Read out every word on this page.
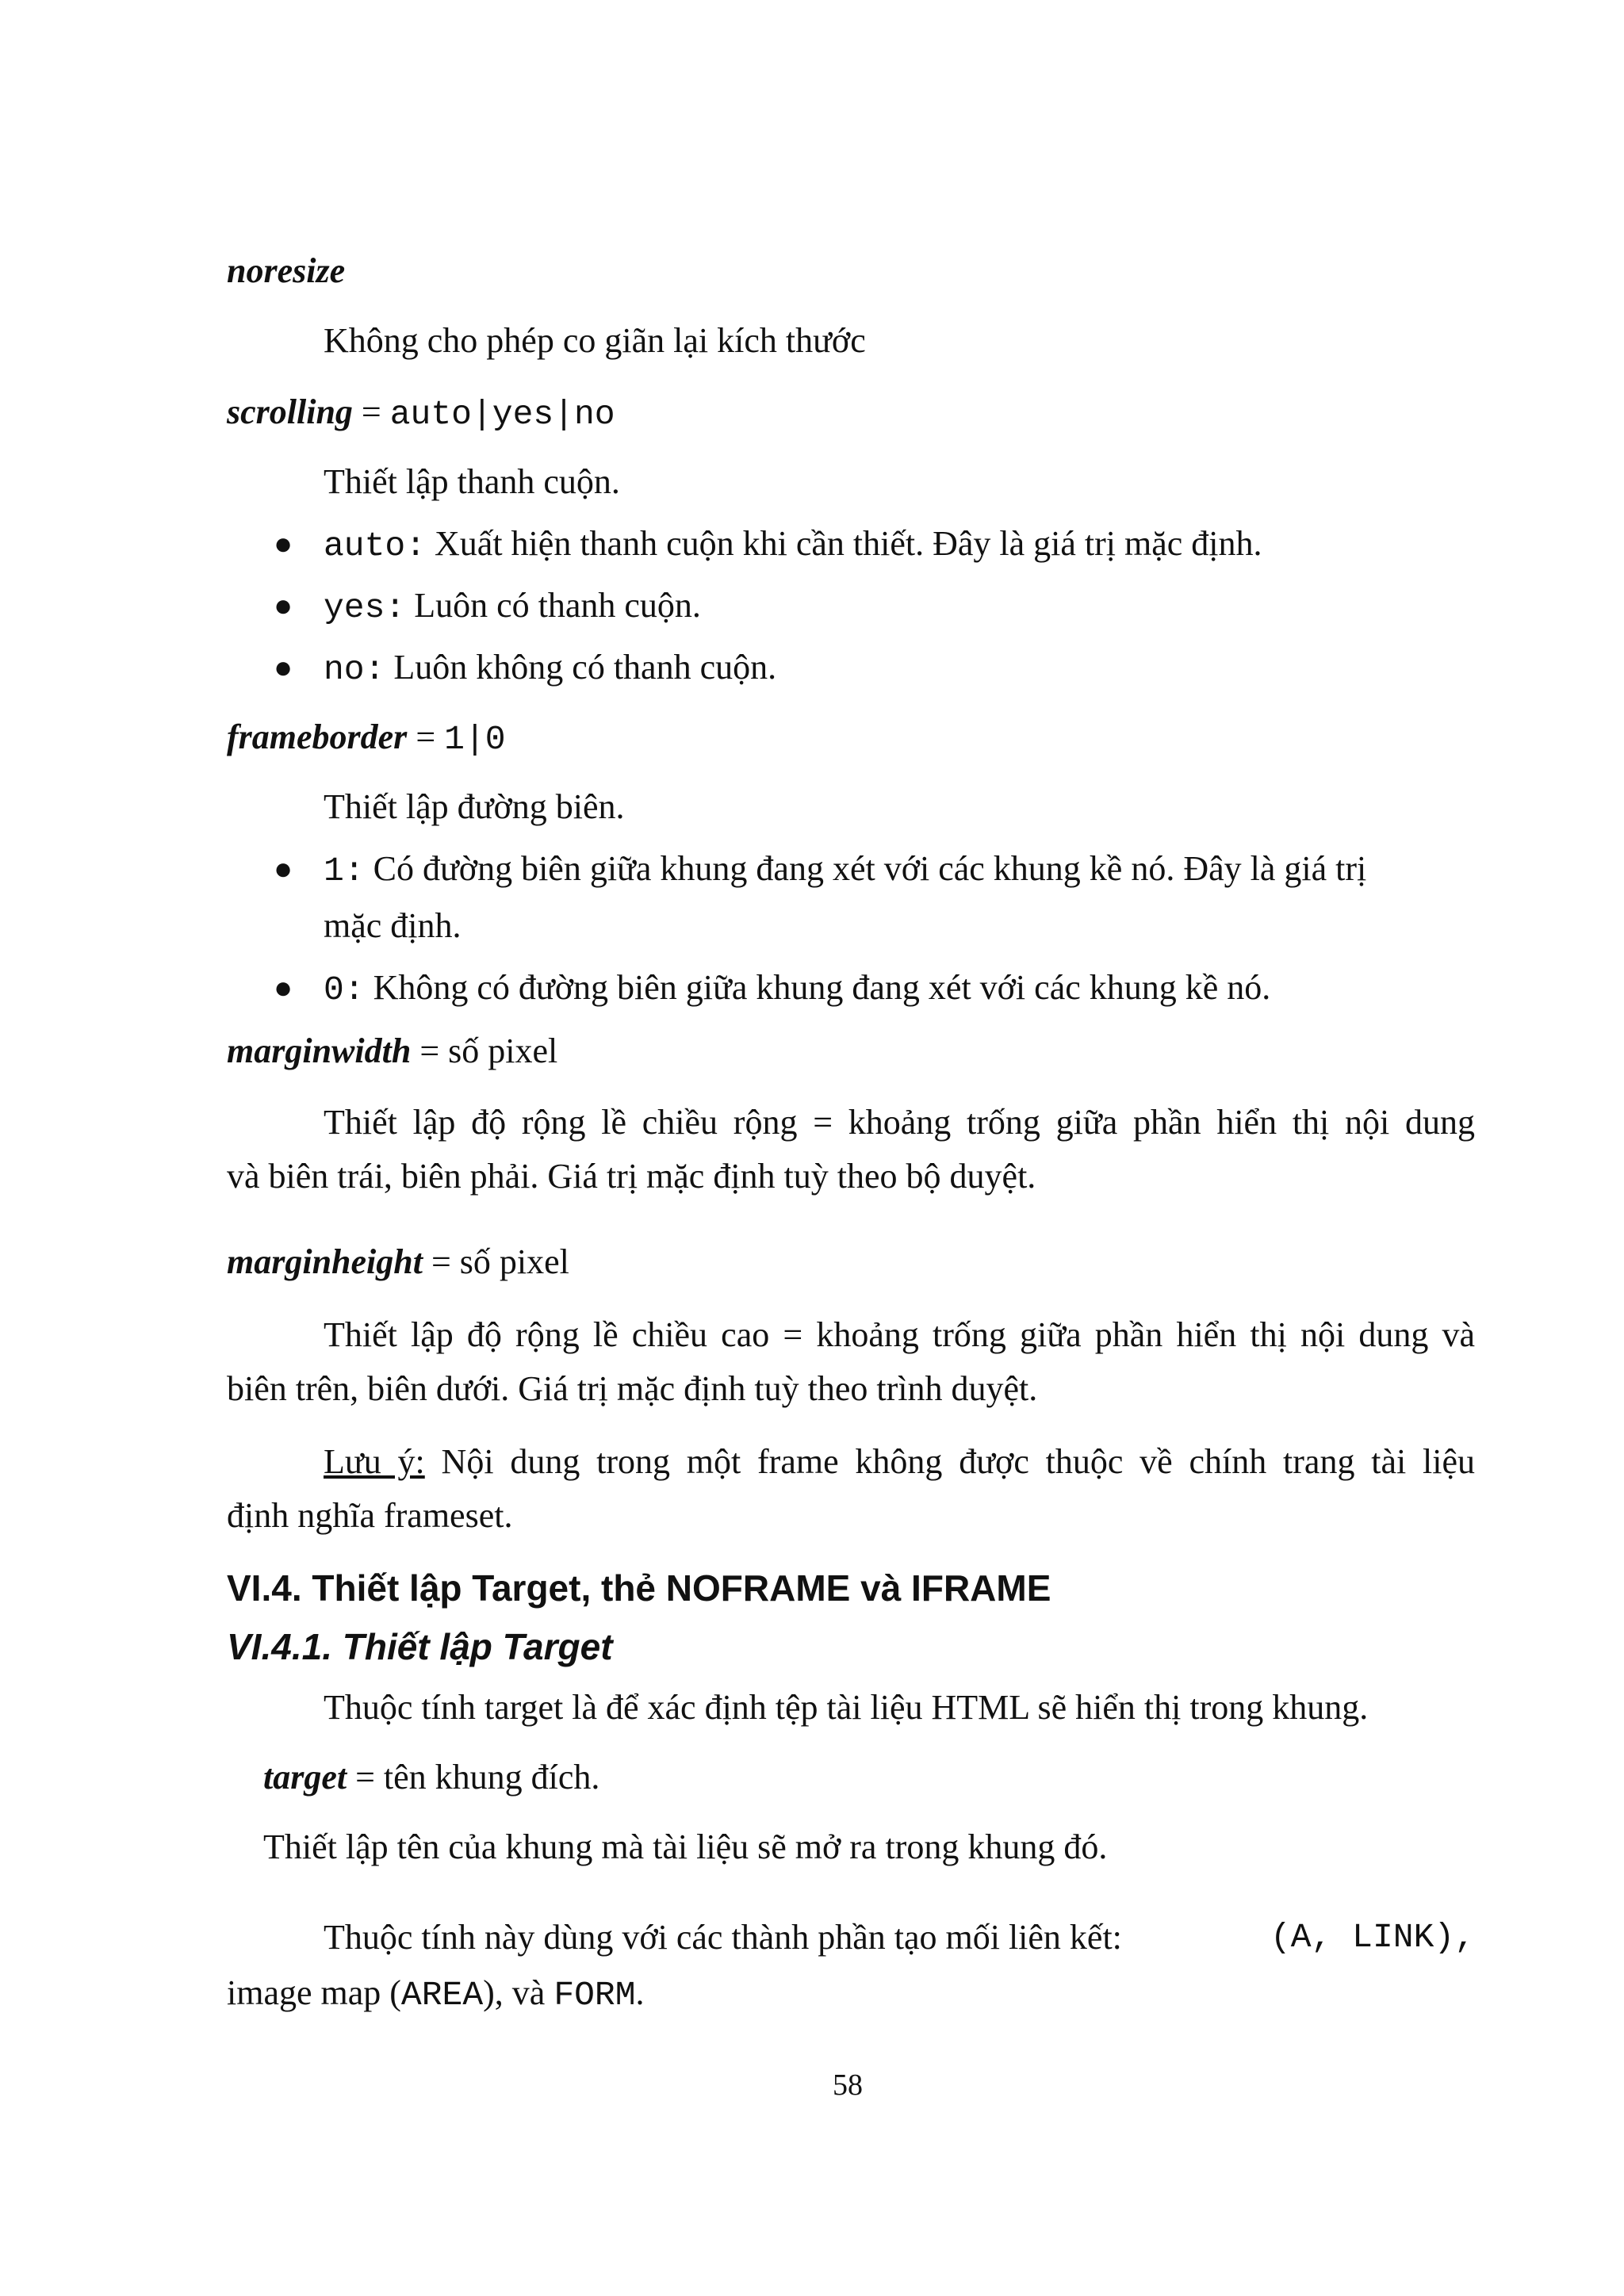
noresize
Không cho phép co giãn lại kích thước
scrolling = auto|yes|no
Thiết lập thanh cuộn.
● auto: Xuất hiện thanh cuộn khi cần thiết. Đây là giá trị mặc định.
● yes: Luôn có thanh cuộn.
● no: Luôn không có thanh cuộn.
frameborder = 1|0
Thiết lập đường biên.
● 1: Có đường biên giữa khung đang xét với các khung kề nó. Đây là giá trị
mặc định.
● 0: Không có đường biên giữa khung đang xét với các khung kề nó.
marginwidth = số pixel
Thiết lập độ rộng lề chiều rộng = khoảng trống giữa phần hiển thị nội dung
và biên trái, biên phải. Giá trị mặc định tuỳ theo bộ duyệt.
marginheight = số pixel
Thiết lập độ rộng lề chiều cao = khoảng trống giữa phần hiển thị nội dung và
biên trên, biên dưới. Giá trị mặc định tuỳ theo trình duyệt.
Lưu ý: Nội dung trong một frame không được thuộc về chính trang tài liệu
định nghĩa frameset.
VI.4. Thiết lập Target, thẻ NOFRAME và IFRAME
VI.4.1. Thiết lập Target
Thuộc tính target là để xác định tệp tài liệu HTML sẽ hiển thị trong khung.
target = tên khung đích.
Thiết lập tên của khung mà tài liệu sẽ mở ra trong khung đó.
Thuộc tính này dùng với các thành phần tạo mối liên kết:	(A, LINK),
image map (AREA), và FORM.
58
